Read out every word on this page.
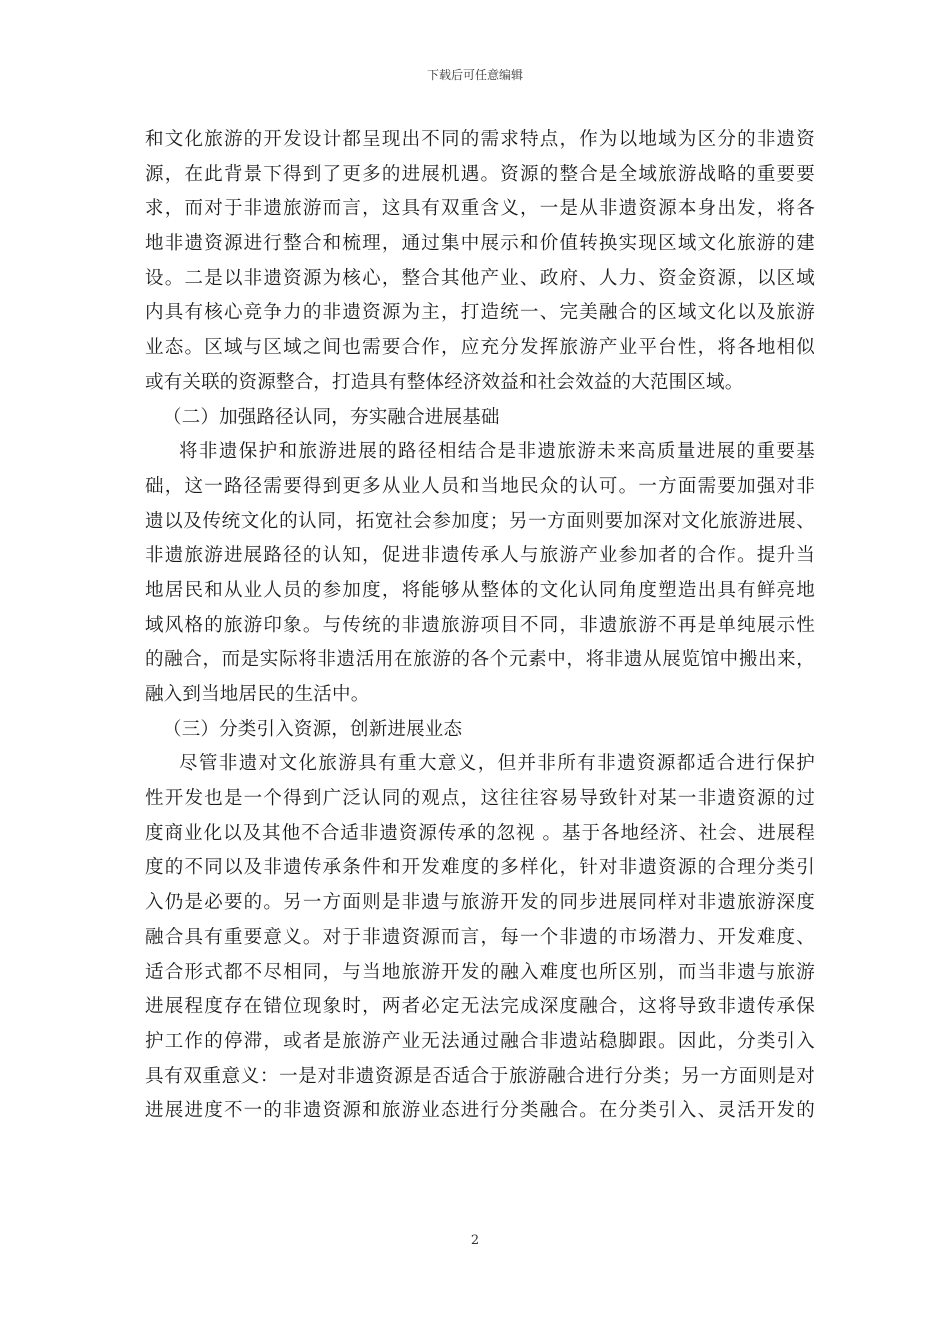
下载后可任意编辑
和文化旅游的开发设计都呈现出不同的需求特点，作为以地域为区分的非遗资
源，在此背景下得到了更多的进展机遇。资源的整合是全域旅游战略的重要要
求，而对于非遗旅游而言，这具有双重含义，一是从非遗资源本身出发，将各
地非遗资源进行整合和梳理，通过集中展示和价值转换实现区域文化旅游的建
设。二是以非遗资源为核心，整合其他产业、政府、人力、资金资源，以区域
内具有核心竞争力的非遗资源为主，打造统一、完美融合的区域文化以及旅游
业态。区域与区域之间也需要合作，应充分发挥旅游产业平台性，将各地相似
或有关联的资源整合，打造具有整体经济效益和社会效益的大范围区域。
（二）加强路径认同，夯实融合进展基础
将非遗保护和旅游进展的路径相结合是非遗旅游未来高质量进展的重要基
础，这一路径需要得到更多从业人员和当地民众的认可。一方面需要加强对非
遗以及传统文化的认同，拓宽社会参加度；另一方面则要加深对文化旅游进展、
非遗旅游进展路径的认知，促进非遗传承人与旅游产业参加者的合作。提升当
地居民和从业人员的参加度，将能够从整体的文化认同角度塑造出具有鲜亮地
域风格的旅游印象。与传统的非遗旅游项目不同，非遗旅游不再是单纯展示性
的融合，而是实际将非遗活用在旅游的各个元素中，将非遗从展览馆中搬出来，
融入到当地居民的生活中。
（三）分类引入资源，创新进展业态
尽管非遗对文化旅游具有重大意义，但并非所有非遗资源都适合进行保护
性开发也是一个得到广泛认同的观点，这往往容易导致针对某一非遗资源的过
度商业化以及其他不合适非遗资源传承的忽视 。基于各地经济、社会、进展程
度的不同以及非遗传承条件和开发难度的多样化，针对非遗资源的合理分类引
入仍是必要的。另一方面则是非遗与旅游开发的同步进展同样对非遗旅游深度
融合具有重要意义。对于非遗资源而言，每一个非遗的市场潜力、开发难度、
适合形式都不尽相同，与当地旅游开发的融入难度也所区别，而当非遗与旅游
进展程度存在错位现象时，两者必定无法完成深度融合，这将导致非遗传承保
护工作的停滞，或者是旅游产业无法通过融合非遗站稳脚跟。因此，分类引入
具有双重意义：一是对非遗资源是否适合于旅游融合进行分类；另一方面则是对
进展进度不一的非遗资源和旅游业态进行分类融合。在分类引入、灵活开发的
2
